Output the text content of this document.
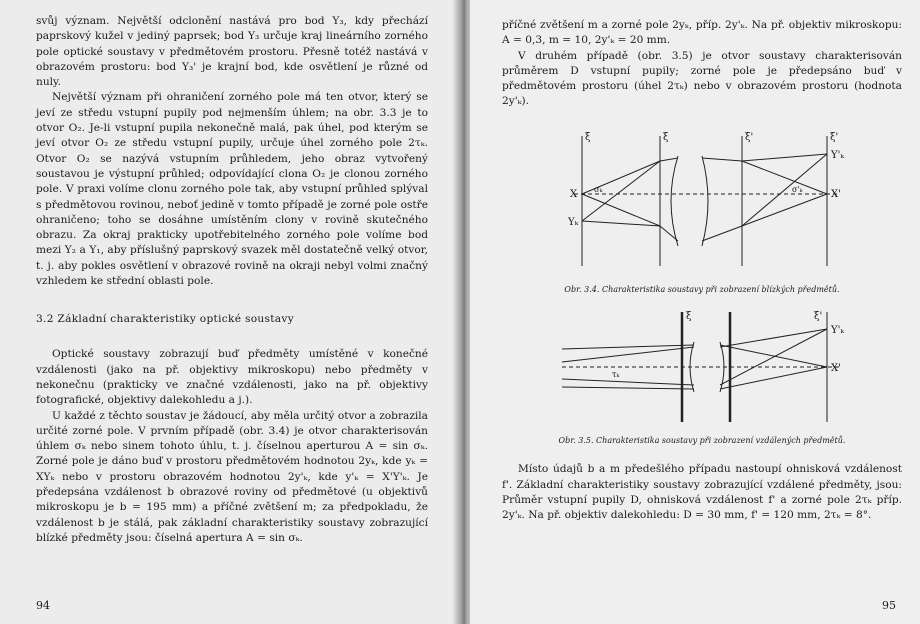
svůj význam. Největší odclonění nastává pro bod Y₃, kdy přechází paprskový kužel v jediný paprsek; bod Y₃ určuje kraj lineárního zorného pole optické soustavy v předmětovém prostoru. Přesně totéž nastává v obrazovém prostoru: bod Y₃' je krajní bod, kde osvětlení je různé od nuly.

Největší význam při ohraničení zorného pole má ten otvor, který se jeví ze středu vstupní pupily pod nejmenším úhlem; na obr. 3.3 je to otvor O₂. Je-li vstupní pupila nekonečně malá, pak úhel, pod kterým se jeví otvor O₂ ze středu vstupní pupily, určuje úhel zorného pole 2τₖ. Otvor O₂ se nazývá vstupním průhledem, jeho obraz vytvořený soustavou je výstupní průhled; odpovídající clona O₂ je clonou zorného pole. V praxi volíme clonu zorného pole tak, aby vstupní průhled splýval s předmětovou rovinou, neboť jedině v tomto případě je zorné pole ostře ohraničeno; toho se dosáhne umístěním clony v rovině skutečného obrazu. Za okraj prakticky upotřebitelného zorného pole volíme bod mezi Y₂ a Y₁, aby příslušný paprskový svazek měl dostatečně velký otvor, t. j. aby pokles osvětlení v obrazové rovině na okraji nebyl volmi značný vzhledem ke střední oblasti pole.

3.2 Základní charakteristiky optické soustavy

Optické soustavy zobrazují buď předměty umístěné v konečné vzdálenosti (jako na př. objektivy mikroskopu) nebo předměty v nekonečnu (prakticky ve značné vzdálenosti, jako na př. objektivy fotografické, objektivy dalekohledu a j.).

U každé z těchto soustav je žádoucí, aby měla určitý otvor a zobrazila určité zorné pole. V prvním případě (obr. 3.4) je otvor charakterisován úhlem σₖ nebo sinem tohoto úhlu, t. j. číselnou aperturou A = sin σₖ. Zorné pole je dáno buď v prostoru předmětovém hodnotou 2yₖ, kde yₖ = XYₖ nebo v prostoru obrazovém hodnotou 2y'ₖ, kde y'ₖ = X'Y'ₖ. Je předepsána vzdálenost b obrazové roviny od předmětové (u objektivů mikroskopu je b = 195 mm) a příčné zvětšení m; za předpokladu, že vzdálenost b je stálá, pak základní charakteristiky soustavy zobrazující blízké předměty jsou: číselná apertura A = sin σₖ.

94

příčné zvětšení m a zorné pole 2yₖ, příp. 2y'ₖ. Na př. objektiv mikroskopu: A = 0,3, m = 10, 2y'ₖ = 20 mm.

V druhém případě (obr. 3.5) je otvor soustavy charakterisován průměrem D vstupní pupily; zorné pole je předepsáno buď v předmětovém prostoru (úhel 2τₖ) nebo v obrazovém prostoru (hodnota 2y'ₖ).

ξ	ξ	ξ'	ξ'
X
Yₖ
σₖ	σ'ₖ	X'
Y'ₖ

Obr. 3.4. Charakteristika soustavy při zobrazení blízkých předmětů.

ξ	ξ'
τₖ
X'
Y'ₖ

Obr. 3.5. Charakteristika soustavy při zobrazení vzdálených předmětů.

Místo údajů b a m předešlého případu nastoupí ohnisková vzdálenost f'. Základní charakteristiky soustavy zobrazující vzdálené předměty, jsou: Průměr vstupní pupily D, ohnisková vzdálenost f' a zorné pole 2τₖ příp. 2y'ₖ. Na př. objektiv dalekohledu: D = 30 mm, f' = 120 mm, 2τₖ = 8°.

95
